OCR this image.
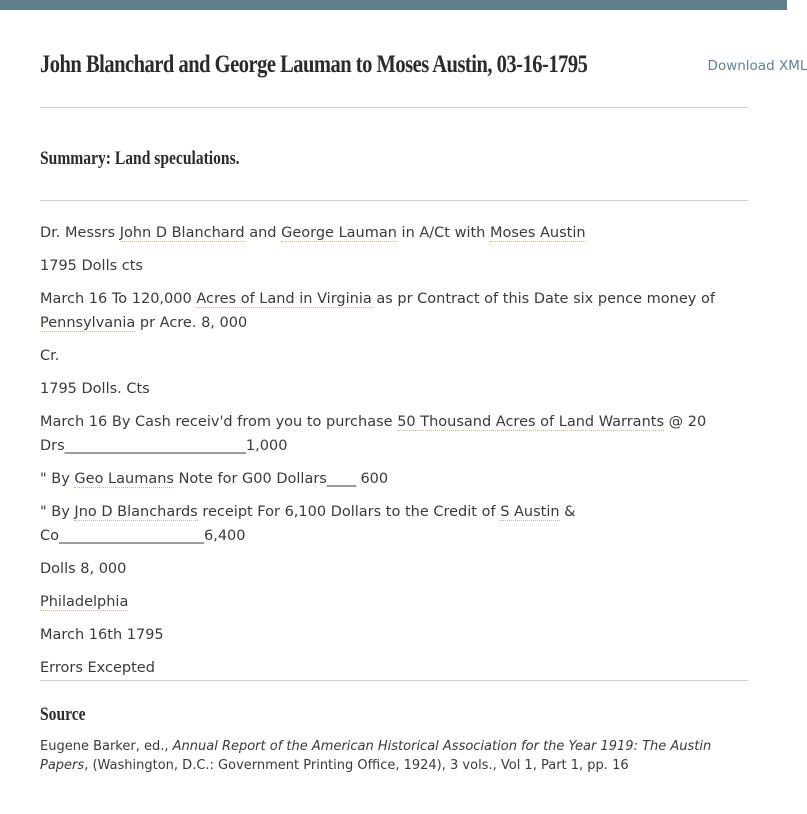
John Blanchard and George Lauman to Moses Austin, 03-16-1795	Download XML
Summary: Land speculations.

Dr. Messrs John D Blanchard and George Lauman in A/Ct with Moses Austin

1795 Dolls cts

March 16 To 120,000 Acres of Land in Virginia as pr Contract of this Date six pence money of Pennsylvania pr Acre. 8, 000

Cr.

1795 Dolls. Cts

March 16 By Cash receiv'd from you to purchase 50 Thousand Acres of Land Warrants @ 20 Drs_________________________1,000

" By Geo Laumans Note for G00 Dollars____ 600

" By Jno D Blanchards receipt For 6,100 Dollars to the Credit of S Austin & Co____________________6,400

Dolls 8, 000

Philadelphia

March 16th 1795

Errors Excepted

Source

Eugene Barker, ed., Annual Report of the American Historical Association for the Year 1919: The Austin Papers, (Washington, D.C.: Government Printing Office, 1924), 3 vols., Vol 1, Part 1, pp. 16
